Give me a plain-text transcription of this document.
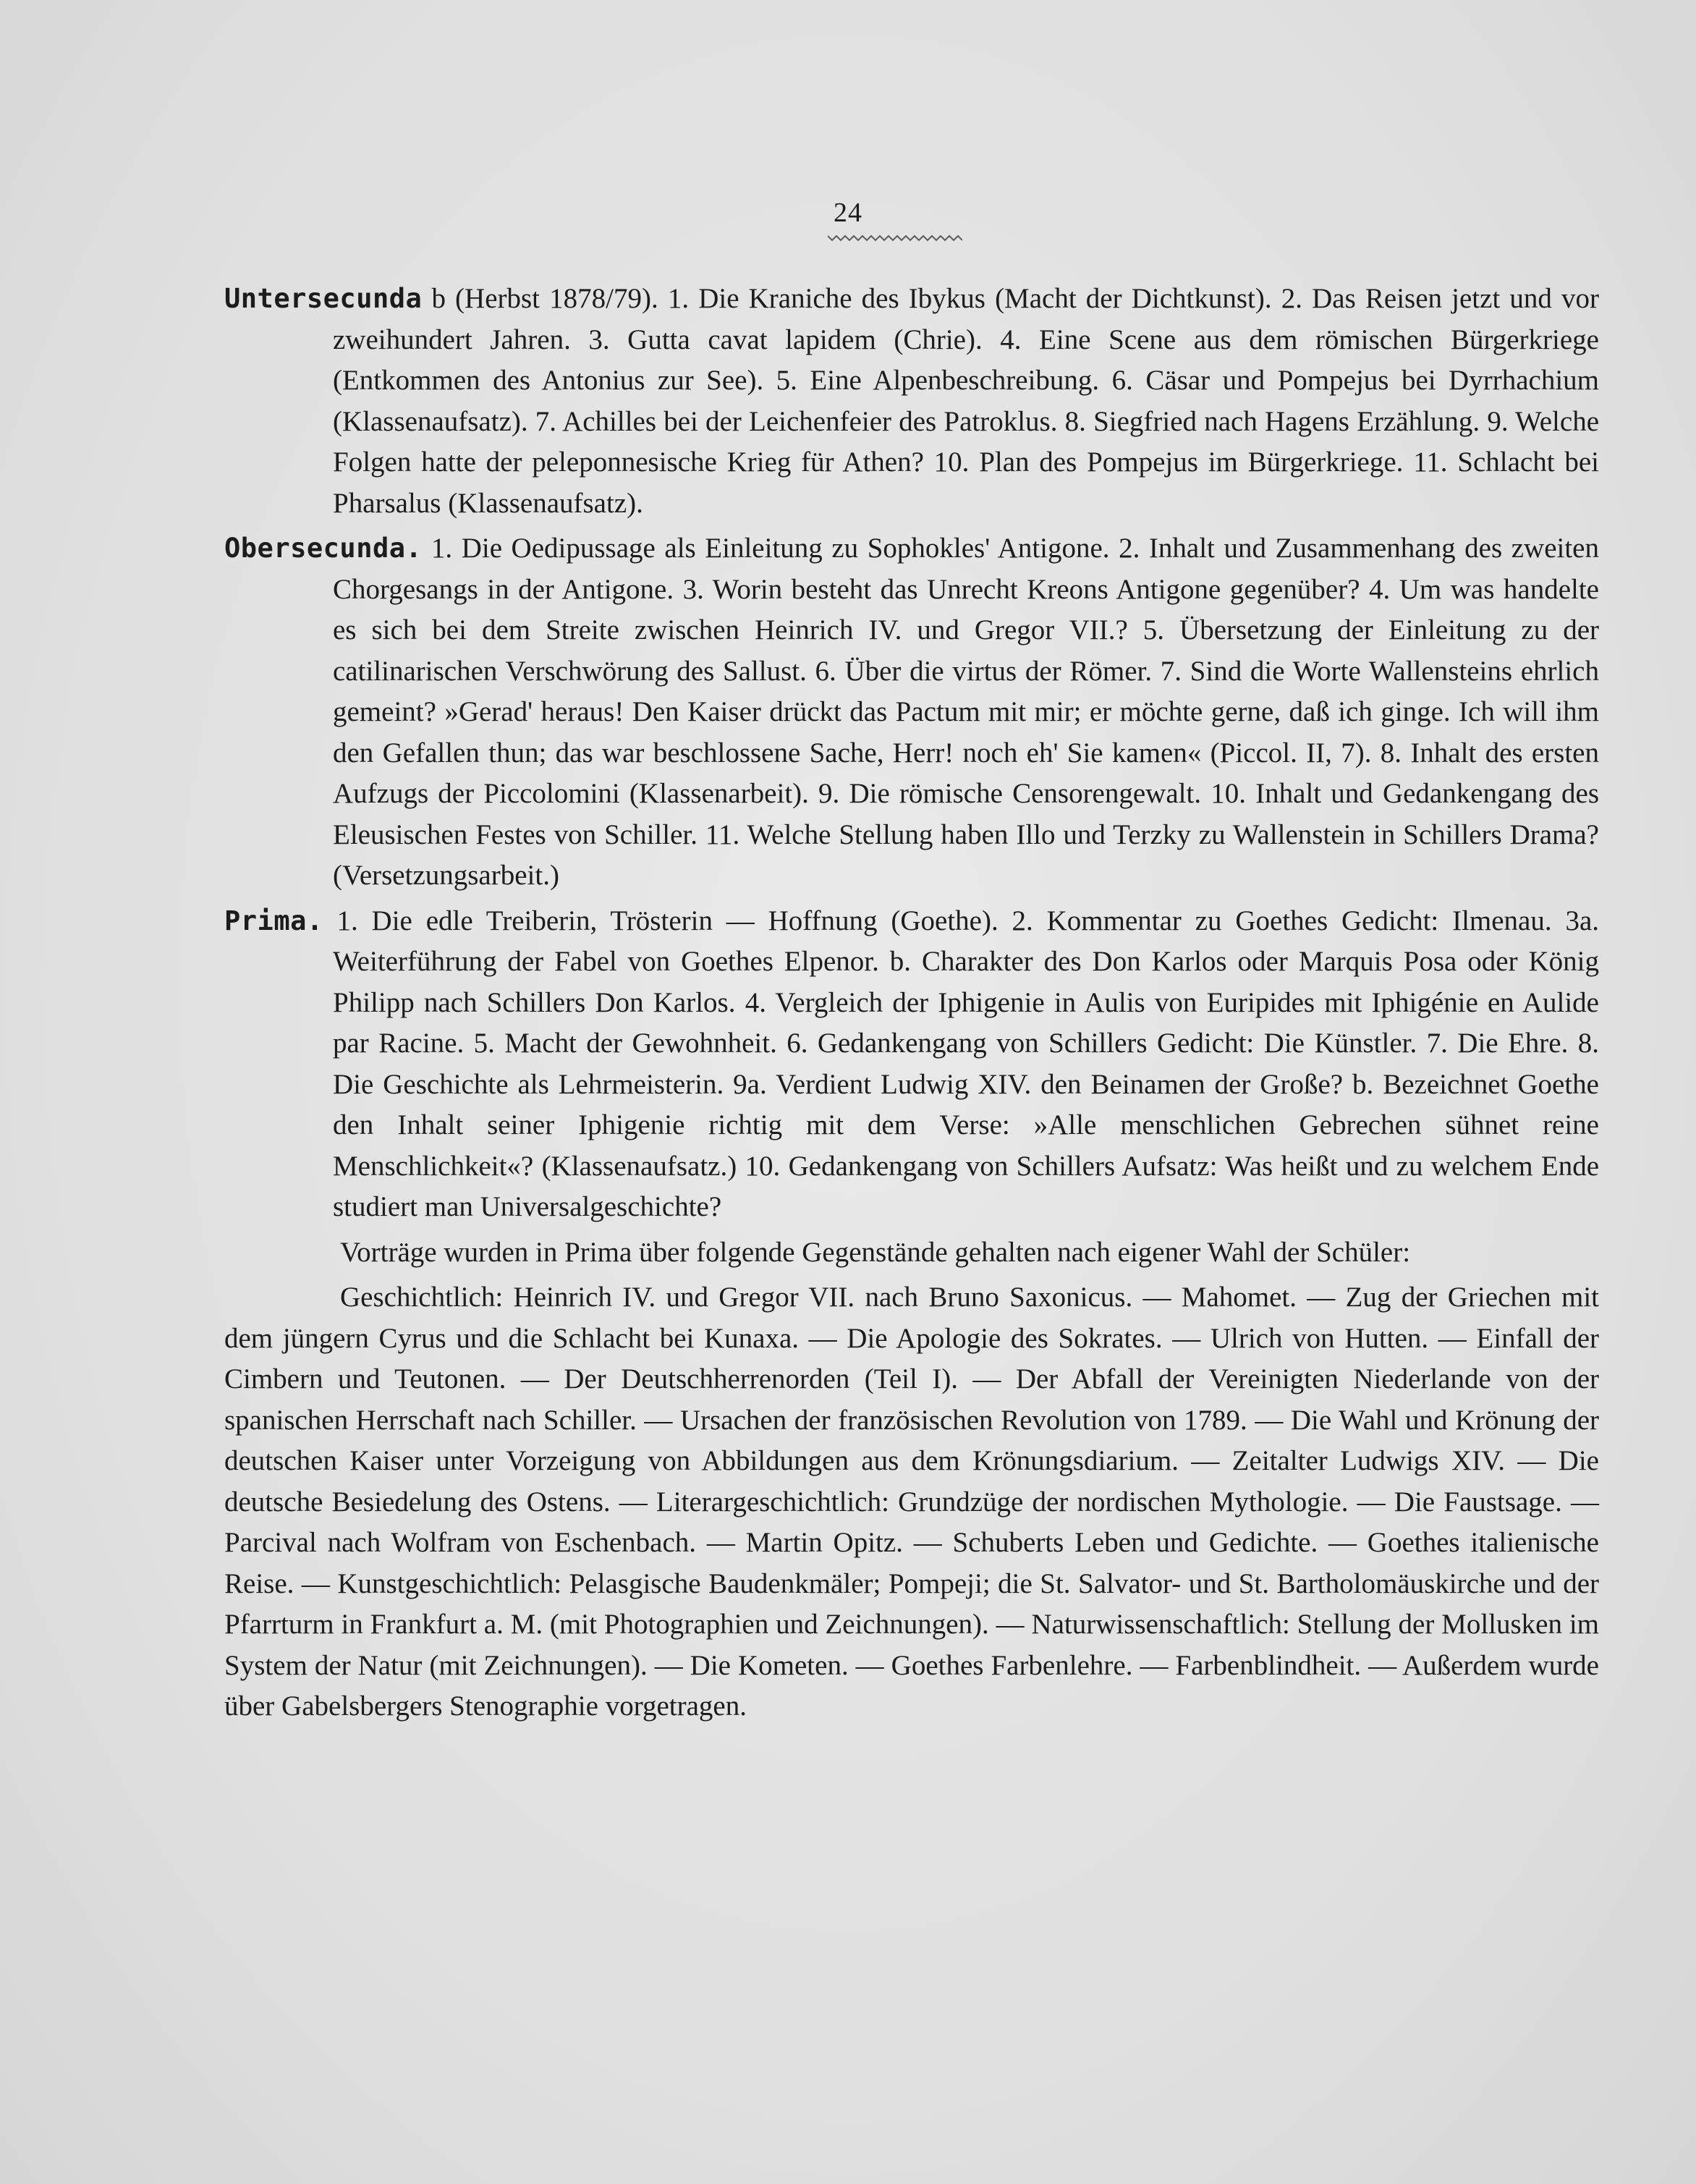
24

Untersecunda b (Herbst 1878/79). 1. Die Kraniche des Ibykus (Macht der Dichtkunst). 2. Das Reisen jetzt und vor zweihundert Jahren. 3. Gutta cavat lapidem (Chrie). 4. Eine Scene aus dem römischen Bürgerkriege (Entkommen des Antonius zur See). 5. Eine Alpenbeschreibung. 6. Cäsar und Pompejus bei Dyrrhachium (Klassenaufsatz). 7. Achilles bei der Leichenfeier des Patroklus. 8. Siegfried nach Hagens Erzählung. 9. Welche Folgen hatte der peleponnesische Krieg für Athen? 10. Plan des Pompejus im Bürgerkriege. 11. Schlacht bei Pharsalus (Klassenaufsatz).

Obersecunda. 1. Die Oedipussage als Einleitung zu Sophokles' Antigone. 2. Inhalt und Zusammenhang des zweiten Chorgesangs in der Antigone. 3. Worin besteht das Unrecht Kreons Antigone gegenüber? 4. Um was handelte es sich bei dem Streite zwischen Heinrich IV. und Gregor VII.? 5. Übersetzung der Einleitung zu der catilinarischen Verschwörung des Sallust. 6. Über die virtus der Römer. 7. Sind die Worte Wallensteins ehrlich gemeint? »Gerad' heraus! Den Kaiser drückt das Pactum mit mir; er möchte gerne, daß ich ginge. Ich will ihm den Gefallen thun; das war beschlossene Sache, Herr! noch eh' Sie kamen« (Piccol. II, 7). 8. Inhalt des ersten Aufzugs der Piccolomini (Klassenarbeit). 9. Die römische Censorengewalt. 10. Inhalt und Gedankengang des Eleusischen Festes von Schiller. 11. Welche Stellung haben Illo und Terzky zu Wallenstein in Schillers Drama? (Versetzungsarbeit.)

Prima. 1. Die edle Treiberin, Trösterin — Hoffnung (Goethe). 2. Kommentar zu Goethes Gedicht: Ilmenau. 3a. Weiterführung der Fabel von Goethes Elpenor. b. Charakter des Don Karlos oder Marquis Posa oder König Philipp nach Schillers Don Karlos. 4. Vergleich der Iphigenie in Aulis von Euripides mit Iphigénie en Aulide par Racine. 5. Macht der Gewohnheit. 6. Gedankengang von Schillers Gedicht: Die Künstler. 7. Die Ehre. 8. Die Geschichte als Lehrmeisterin. 9a. Verdient Ludwig XIV. den Beinamen der Große? b. Bezeichnet Goethe den Inhalt seiner Iphigenie richtig mit dem Verse: »Alle menschlichen Gebrechen sühnet reine Menschlichkeit«? (Klassenaufsatz.) 10. Gedankengang von Schillers Aufsatz: Was heißt und zu welchem Ende studiert man Universalgeschichte?

Vorträge wurden in Prima über folgende Gegenstände gehalten nach eigener Wahl der Schüler:

Geschichtlich: Heinrich IV. und Gregor VII. nach Bruno Saxonicus. — Mahomet. — Zug der Griechen mit dem jüngern Cyrus und die Schlacht bei Kunaxa. — Die Apologie des Sokrates. — Ulrich von Hutten. — Einfall der Cimbern und Teutonen. — Der Deutschherrenorden (Teil I). — Der Abfall der Vereinigten Niederlande von der spanischen Herrschaft nach Schiller. — Ursachen der französischen Revolution von 1789. — Die Wahl und Krönung der deutschen Kaiser unter Vorzeigung von Abbildungen aus dem Krönungsdiarium. — Zeitalter Ludwigs XIV. — Die deutsche Besiedelung des Ostens. — Literargeschichtlich: Grundzüge der nordischen Mythologie. — Die Faustsage. — Parcival nach Wolfram von Eschenbach. — Martin Opitz. — Schuberts Leben und Gedichte. — Goethes italienische Reise. — Kunstgeschichtlich: Pelasgische Baudenkmäler; Pompeji; die St. Salvator- und St. Bartholomäuskirche und der Pfarrturm in Frankfurt a. M. (mit Photographien und Zeichnungen). — Naturwissenschaftlich: Stellung der Mollusken im System der Natur (mit Zeichnungen). — Die Kometen. — Goethes Farbenlehre. — Farbenblindheit. — Außerdem wurde über Gabelsbergers Stenographie vorgetragen.
